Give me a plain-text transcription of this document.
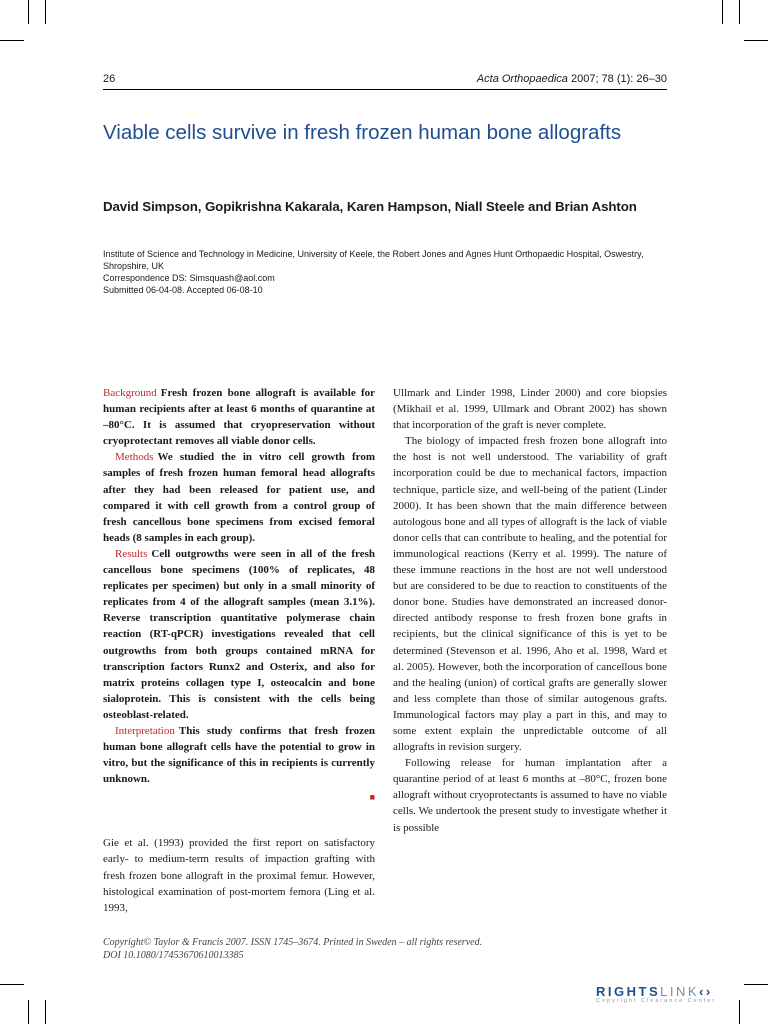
26	Acta Orthopaedica 2007; 78 (1): 26–30
Viable cells survive in fresh frozen human bone allografts
David Simpson, Gopikrishna Kakarala, Karen Hampson, Niall Steele and Brian Ashton
Institute of Science and Technology in Medicine, University of Keele, the Robert Jones and Agnes Hunt Orthopaedic Hospital, Oswestry, Shropshire, UK
Correspondence DS: Simsquash@aol.com
Submitted 06-04-08. Accepted 06-08-10

Background Fresh frozen bone allograft is available for human recipients after at least 6 months of quarantine at –80°C. It is assumed that cryopreservation without cryoprotectant removes all viable donor cells.

Methods We studied the in vitro cell growth from samples of fresh frozen human femoral head allografts after they had been released for patient use, and compared it with cell growth from a control group of fresh cancellous bone specimens from excised femoral heads (8 samples in each group).

Results Cell outgrowths were seen in all of the fresh cancellous bone specimens (100% of replicates, 48 replicates per specimen) but only in a small minority of replicates from 4 of the allograft samples (mean 3.1%). Reverse transcription quantitative polymerase chain reaction (RT-qPCR) investigations revealed that cell outgrowths from both groups contained mRNA for transcription factors Runx2 and Osterix, and also for matrix proteins collagen type I, osteocalcin and bone sialoprotein. This is consistent with the cells being osteoblast-related.

Interpretation This study confirms that fresh frozen human bone allograft cells have the potential to grow in vitro, but the significance of this in recipients is currently unknown.

■

Gie et al. (1993) provided the first report on satisfactory early- to medium-term results of impaction grafting with fresh frozen bone allograft in the proximal femur. However, histological examination of post-mortem femora (Ling et al. 1993,

Ullmark and Linder 1998, Linder 2000) and core biopsies (Mikhail et al. 1999, Ullmark and Obrant 2002) has shown that incorporation of the graft is never complete.

The biology of impacted fresh frozen bone allograft into the host is not well understood. The variability of graft incorporation could be due to mechanical factors, impaction technique, particle size, and well-being of the patient (Linder 2000). It has been shown that the main difference between autologous bone and all types of allograft is the lack of viable donor cells that can contribute to healing, and the potential for immunological reactions (Kerry et al. 1999). The nature of these immune reactions in the host are not well understood but are considered to be due to reaction to constituents of the donor bone. Studies have demonstrated an increased donor-directed antibody response to fresh frozen bone grafts in recipients, but the clinical significance of this is yet to be determined (Stevenson et al. 1996, Aho et al. 1998, Ward et al. 2005). However, both the incorporation of cancellous bone and the healing (union) of cortical grafts are generally slower and less complete than those of similar autogenous grafts. Immunological factors may play a part in this, and may to some extent explain the unpredictable outcome of all allografts in revision surgery.

Following release for human implantation after a quarantine period of at least 6 months at –80°C, frozen bone allograft without cryoprotectants is assumed to have no viable cells. We undertook the present study to investigate whether it is possible

Copyright© Taylor & Francis 2007. ISSN 1745–3674. Printed in Sweden – all rights reserved.
DOI 10.1080/17453670610013385
RIGHTSLINK‹›
Copyright Clearance Center
